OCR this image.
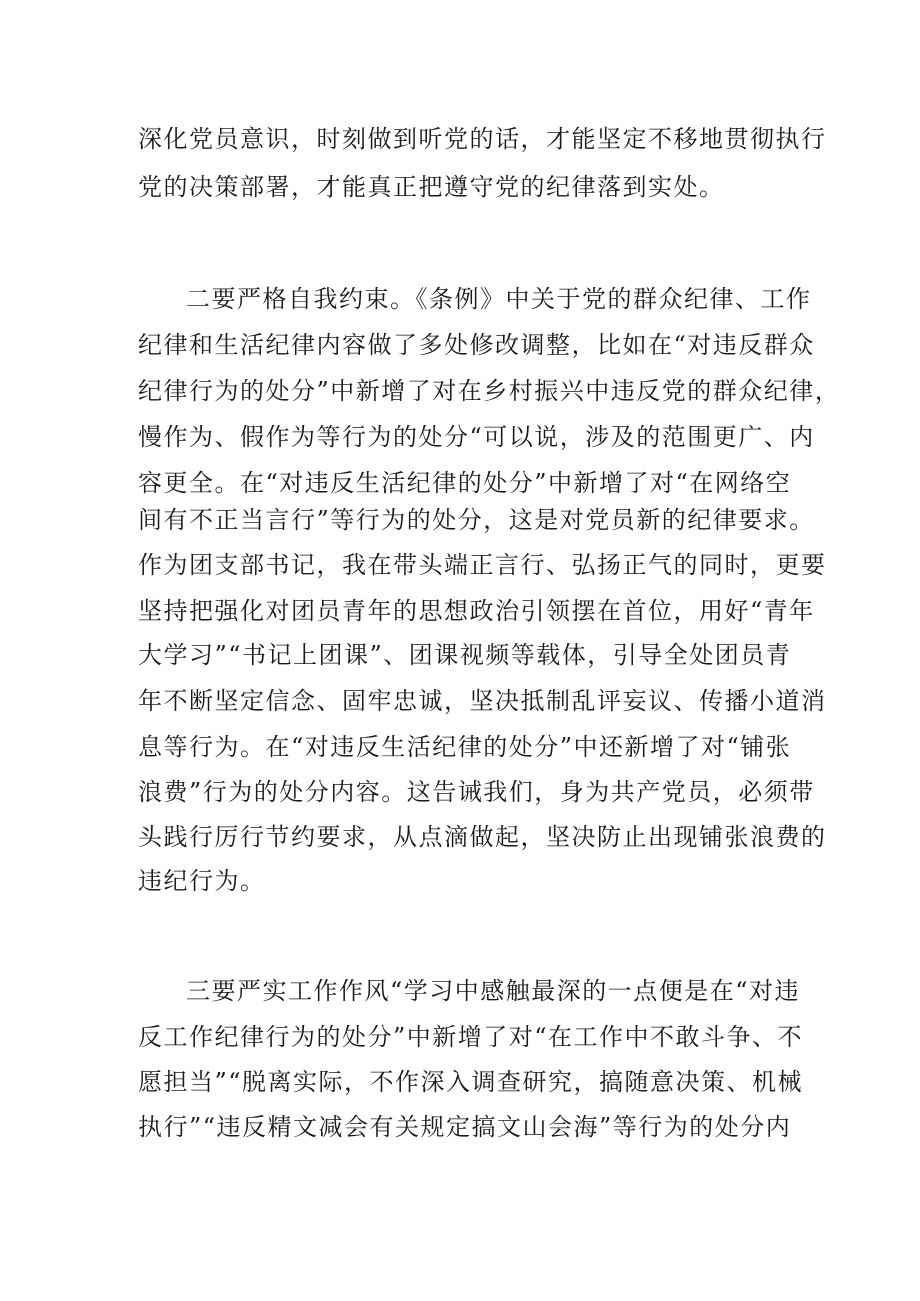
深化党员意识，时刻做到听党的话，才能坚定不移地贯彻执行
党的决策部署，才能真正把遵守党的纪律落到实处。
二要严格自我约束。《条例》中关于党的群众纪律、工作
纪律和生活纪律内容做了多处修改调整，比如在“对违反群众
纪律行为的处分”中新增了对在乡村振兴中违反党的群众纪律，
慢作为、假作为等行为的处分“可以说，涉及的范围更广、内
容更全。在“对违反生活纪律的处分”中新增了对“在网络空
间有不正当言行”等行为的处分，这是对党员新的纪律要求。
作为团支部书记，我在带头端正言行、弘扬正气的同时，更要
坚持把强化对团员青年的思想政治引领摆在首位，用好“青年
大学习”“书记上团课”、团课视频等载体，引导全处团员青
年不断坚定信念、固牢忠诚，坚决抵制乱评妄议、传播小道消
息等行为。在“对违反生活纪律的处分”中还新增了对“铺张
浪费”行为的处分内容。这告诫我们，身为共产党员，必须带
头践行厉行节约要求，从点滴做起，坚决防止出现铺张浪费的
违纪行为。
三要严实工作作风“学习中感触最深的一点便是在“对违
反工作纪律行为的处分”中新增了对“在工作中不敢斗争、不
愿担当”“脱离实际，不作深入调查研究，搞随意决策、机械
执行”“违反精文减会有关规定搞文山会海”等行为的处分内
